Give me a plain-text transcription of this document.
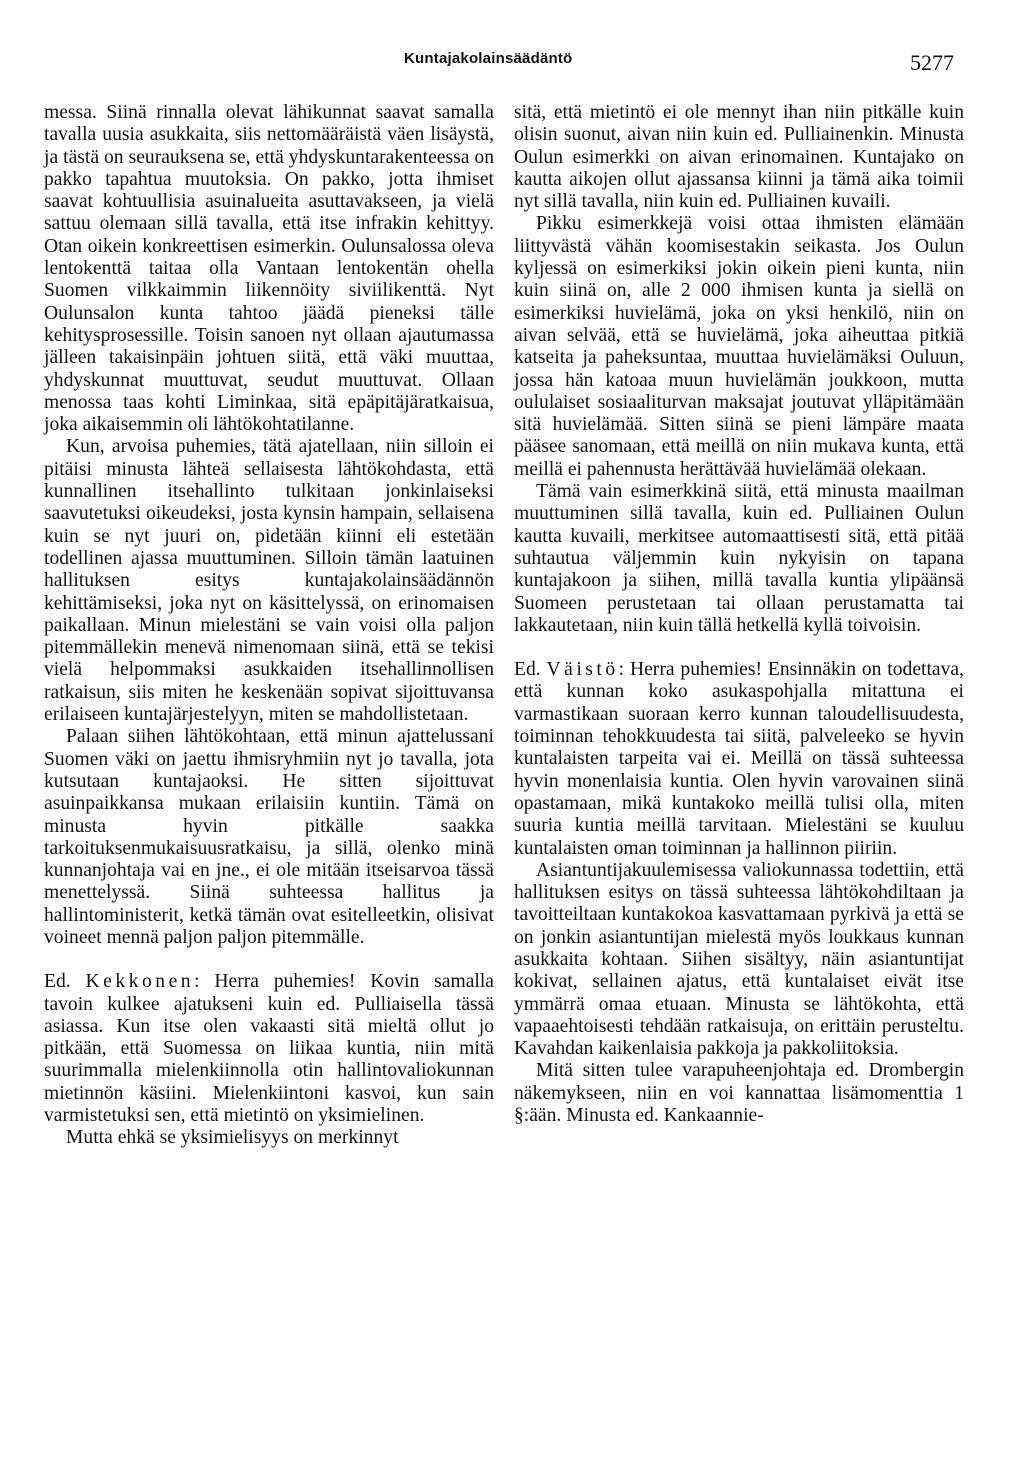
Kuntajakolainsäädäntö	5277

messa. Siinä rinnalla olevat lähikunnat saavat samalla tavalla uusia asukkaita, siis nettomääräistä väen lisäystä, ja tästä on seurauksena se, että yhdyskuntarakenteessa on pakko tapahtua muutoksia. On pakko, jotta ihmiset saavat kohtuullisia asuinalueita asuttavakseen, ja vielä sattuu olemaan sillä tavalla, että itse infrakin kehittyy. Otan oikein konkreettisen esimerkin. Oulunsalossa oleva lentokenttä taitaa olla Vantaan lentokentän ohella Suomen vilkkaimmin liikennöity siviilikenttä. Nyt Oulunsalon kunta tahtoo jäädä pieneksi tälle kehitysprosessille. Toisin sanoen nyt ollaan ajautumassa jälleen takaisinpäin johtuen siitä, että väki muuttaa, yhdyskunnat muuttuvat, seudut muuttuvat. Ollaan menossa taas kohti Liminkaa, sitä epäpitäjäratkaisua, joka aikaisemmin oli lähtökohtatilanne.

Kun, arvoisa puhemies, tätä ajatellaan, niin silloin ei pitäisi minusta lähteä sellaisesta lähtökohdasta, että kunnallinen itsehallinto tulkitaan jonkinlaiseksi saavutetuksi oikeudeksi, josta kynsin hampain, sellaisena kuin se nyt juuri on, pidetään kiinni eli estetään todellinen ajassa muuttuminen. Silloin tämän laatuinen hallituksen esitys kuntajakolainsäädännön kehittämiseksi, joka nyt on käsittelyssä, on erinomaisen paikallaan. Minun mielestäni se vain voisi olla paljon pitemmällekin menevä nimenomaan siinä, että se tekisi vielä helpommaksi asukkaiden itsehallinnollisen ratkaisun, siis miten he keskenään sopivat sijoittuvansa erilaiseen kuntajärjestelyyn, miten se mahdollistetaan.

Palaan siihen lähtökohtaan, että minun ajattelussani Suomen väki on jaettu ihmisryhmiin nyt jo tavalla, jota kutsutaan kuntajaoksi. He sitten sijoittuvat asuinpaikkansa mukaan erilaisiin kuntiin. Tämä on minusta hyvin pitkälle saakka tarkoituksenmukaisuusratkaisu, ja sillä, olenko minä kunnanjohtaja vai en jne., ei ole mitään itseisarvoa tässä menettelyssä. Siinä suhteessa hallitus ja hallintoministerit, ketkä tämän ovat esitelleetkin, olisivat voineet mennä paljon paljon pitemmälle.

Ed. Kekkonen: Herra puhemies! Kovin samalla tavoin kulkee ajatukseni kuin ed. Pulliaisella tässä asiassa. Kun itse olen vakaasti sitä mieltä ollut jo pitkään, että Suomessa on liikaa kuntia, niin mitä suurimmalla mielenkiinnolla otin hallintovaliokunnan mietinnön käsiini. Mielenkiintoni kasvoi, kun sain varmistetuksi sen, että mietintö on yksimielinen.

Mutta ehkä se yksimielisyys on merkinnyt

sitä, että mietintö ei ole mennyt ihan niin pitkälle kuin olisin suonut, aivan niin kuin ed. Pulliainenkin. Minusta Oulun esimerkki on aivan erinomainen. Kuntajako on kautta aikojen ollut ajassansa kiinni ja tämä aika toimii nyt sillä tavalla, niin kuin ed. Pulliainen kuvaili.

Pikku esimerkkejä voisi ottaa ihmisten elämään liittyvästä vähän koomisestakin seikasta. Jos Oulun kyljessä on esimerkiksi jokin oikein pieni kunta, niin kuin siinä on, alle 2 000 ihmisen kunta ja siellä on esimerkiksi huvielämä, joka on yksi henkilö, niin on aivan selvää, että se huvielämä, joka aiheuttaa pitkiä katseita ja paheksuntaa, muuttaa huvielämäksi Ouluun, jossa hän katoaa muun huvielämän joukkoon, mutta oululaiset sosiaaliturvan maksajat joutuvat ylläpitämään sitä huvielämää. Sitten siinä se pieni lämpäre maata pääsee sanomaan, että meillä on niin mukava kunta, että meillä ei pahennusta herättävää huvielämää olekaan.

Tämä vain esimerkkinä siitä, että minusta maailman muuttuminen sillä tavalla, kuin ed. Pulliainen Oulun kautta kuvaili, merkitsee automaattisesti sitä, että pitää suhtautua väljemmin kuin nykyisin on tapana kuntajakoon ja siihen, millä tavalla kuntia ylipäänsä Suomeen perustetaan tai ollaan perustamatta tai lakkautetaan, niin kuin tällä hetkellä kyllä toivoisin.

Ed. Väistö: Herra puhemies! Ensinnäkin on todettava, että kunnan koko asukaspohjalla mitattuna ei varmastikaan suoraan kerro kunnan taloudellisuudesta, toiminnan tehokkuudesta tai siitä, palveleeko se hyvin kuntalaisten tarpeita vai ei. Meillä on tässä suhteessa hyvin monenlaisia kuntia. Olen hyvin varovainen siinä opastamaan, mikä kuntakoko meillä tulisi olla, miten suuria kuntia meillä tarvitaan. Mielestäni se kuuluu kuntalaisten oman toiminnan ja hallinnon piiriin.

Asiantuntijakuulemisessa valiokunnassa todettiin, että hallituksen esitys on tässä suhteessa lähtökohdiltaan ja tavoitteiltaan kuntakokoa kasvattamaan pyrkivä ja että se on jonkin asiantuntijan mielestä myös loukkaus kunnan asukkaita kohtaan. Siihen sisältyy, näin asiantuntijat kokivat, sellainen ajatus, että kuntalaiset eivät itse ymmärrä omaa etuaan. Minusta se lähtökohta, että vapaaehtoisesti tehdään ratkaisuja, on erittäin perusteltu. Kavahdan kaikenlaisia pakkoja ja pakkoliitoksia.

Mitä sitten tulee varapuheenjohtaja ed. Drombergin näkemykseen, niin en voi kannattaa lisämomenttia 1 §:ään. Minusta ed. Kankaannie-
